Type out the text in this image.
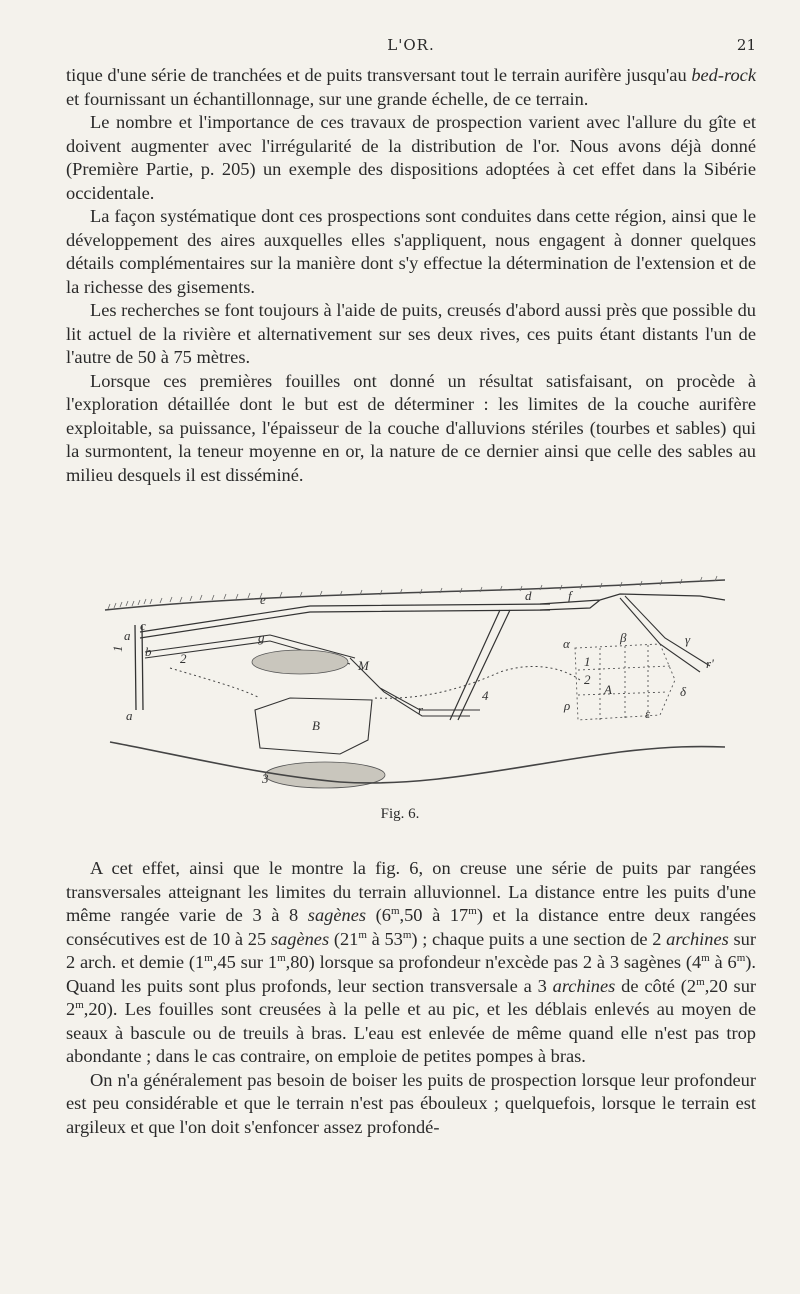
L'OR.	21

tique d'une série de tranchées et de puits transversant tout le terrain aurifère jusqu'au bed-rock et fournissant un échantillonnage, sur une grande échelle, de ce terrain.

Le nombre et l'importance de ces travaux de prospection varient avec l'allure du gîte et doivent augmenter avec l'irrégularité de la distribution de l'or. Nous avons déjà donné (Première Partie, p. 205) un exemple des dispositions adoptées à cet effet dans la Sibérie occidentale.

La façon systématique dont ces prospections sont conduites dans cette région, ainsi que le développement des aires auxquelles elles s'appliquent, nous engagent à donner quelques détails complémentaires sur la manière dont s'y effectue la détermination de l'extension et de la richesse des gisements.

Les recherches se font toujours à l'aide de puits, creusés d'abord aussi près que possible du lit actuel de la rivière et alternativement sur ses deux rives, ces puits étant distants l'un de l'autre de 50 à 75 mètres.

Lorsque ces premières fouilles ont donné un résultat satisfaisant, on procède à l'exploration détaillée dont le but est de déterminer : les limites de la couche aurifère exploitable, sa puissance, l'épaisseur de la couche d'alluvions stériles (tourbes et sables) qui la surmontent, la teneur moyenne en or, la nature de ce dernier ainsi que celle des sables au milieu desquels il est disséminé.

a
1 b
c
a
2
g
M
B
3
r
e	d	f
α	β
A
γ
r'
δ
ε
ρ
1
2
4
Fig. 6.

A cet effet, ainsi que le montre la fig. 6, on creuse une série de puits par rangées transversales atteignant les limites du terrain alluvionnel. La distance entre les puits d'une même rangée varie de 3 à 8 sagènes (6$^m$,50 à 17$^m$) et la distance entre deux rangées consécutives est de 10 à 25 sagènes (21$^m$ à 53$^m$) ; chaque puits a une section de 2 archines sur 2 arch. et demie (1$^m$,45 sur 1$^m$,80) lorsque sa profondeur n'excède pas 2 à 3 sagènes (4$^m$ à 6$^m$). Quand les puits sont plus profonds, leur section transversale a 3 archines de côté (2$^m$,20 sur 2$^m$,20). Les fouilles sont creusées à la pelle et au pic, et les déblais enlevés au moyen de seaux à bascule ou de treuils à bras. L'eau est enlevée de même quand elle n'est pas trop abondante ; dans le cas contraire, on emploie de petites pompes à bras.

On n'a généralement pas besoin de boiser les puits de prospection lorsque leur profondeur est peu considérable et que le terrain n'est pas ébouleux ; quelquefois, lorsque le terrain est argileux et que l'on doit s'enfoncer assez profondé-
